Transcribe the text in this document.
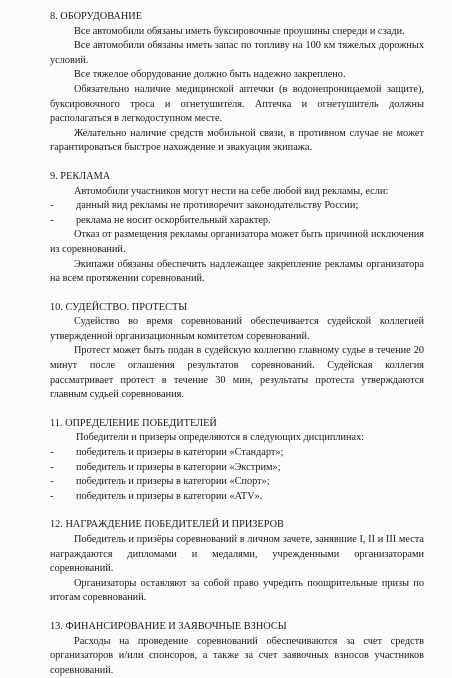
8. ОБОРУДОВАНИЕ

Все автомобили обязаны иметь буксировочные проушины спереди и сзади.

Все автомобили обязаны иметь запас по топливу на 100 км тяжелых дорожных условий.

Все тяжелое оборудование должно быть надежно закреплено.

Обязательно наличие медицинской аптечки (в водонепроницаемой защите), буксировочного троса и огнетушителя. Аптечка и огнетушитель должны располагаться в легкодоступном месте.

Желательно наличие средств мобильной связи, в противном случае не может гарантироваться быстрое нахождение и эвакуация экипажа.

9. РЕКЛАМА

Автомобили участников могут нести на себе любой вид рекламы, если:

- данный вид рекламы не противоречит законодательству России;

- реклама не носит оскорбительный характер.

Отказ от размещения рекламы организатора может быть причиной исключения из соревнований.

Экипажи обязаны обеспечить надлежащее закрепление рекламы организатора на всем протяжении соревнований.

10. СУДЕЙСТВО. ПРОТЕСТЫ

Судейство во время соревнований обеспечивается судейской коллегией утвержденной организационным комитетом соревнований.

Протест может быть подан в судейскую коллегию главному судье в течение 20 минут после оглашения результатов соревнований. Судейская коллегия рассматривает протест в течение 30 мин, результаты протеста утверждаются главным судьей соревнования.

11. ОПРЕДЕЛЕНИЕ ПОБЕДИТЕЛЕЙ

Победители и призеры определяются в следующих дисциплинах:

- победитель и призеры в категории «Стандарт»;

- победитель и призеры в категории «Экстрим»;

- победитель и призеры в категории «Спорт»;

- победитель и призеры в категории «ATV».

12. НАГРАЖДЕНИЕ ПОБЕДИТЕЛЕЙ И ПРИЗЕРОВ

Победитель и призёры соревнований в личном зачете, занявшие I, II и III места награждаются дипломами и медалями, учрежденными организаторами соревнований.

Организаторы оставляют за собой право учредить поощрительные призы по итогам соревнований.

13. ФИНАНСИРОВАНИЕ И ЗАЯВОЧНЫЕ ВЗНОСЫ

Расходы на проведение соревнований обеспечиваются за счет средств организаторов и/или спонсоров, а также за счет заявочных взносов участников соревнований.
